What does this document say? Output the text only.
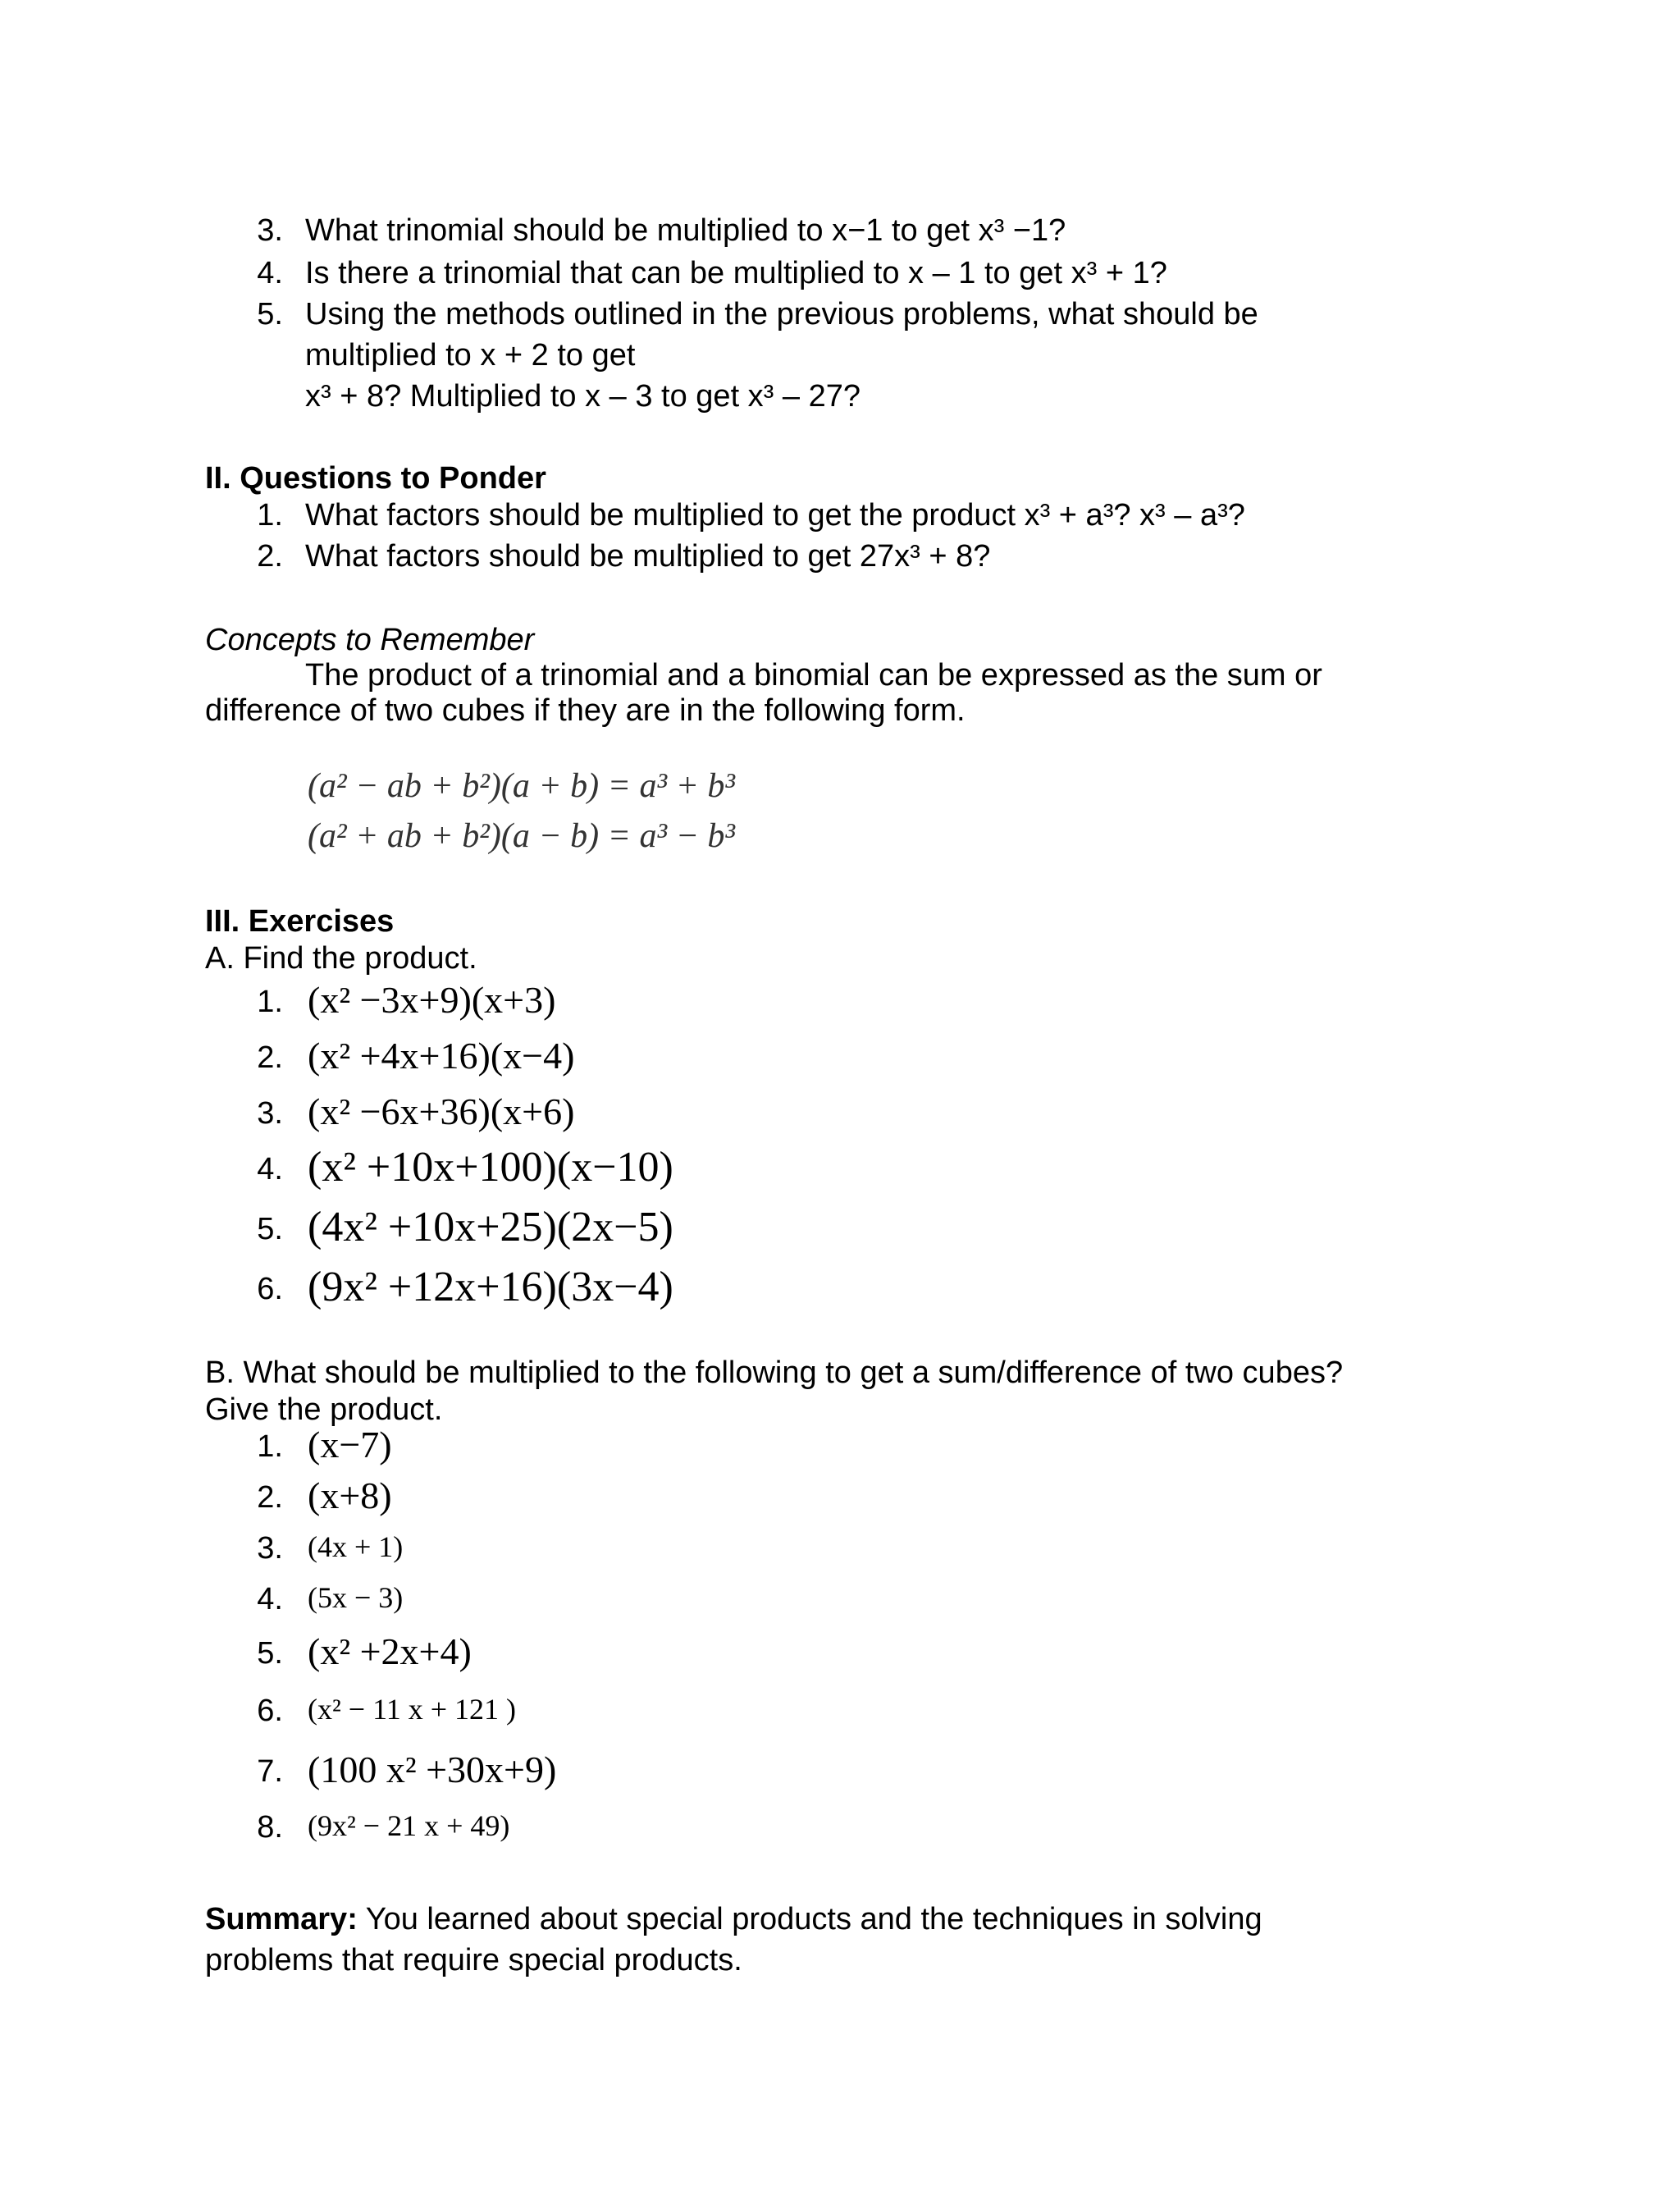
3. What trinomial should be multiplied to x−1 to get x³ −1?
4. Is there a trinomial that can be multiplied to x – 1 to get x³ + 1?
5. Using the methods outlined in the previous problems, what should be
multiplied to x + 2 to get
x³ + 8? Multiplied to x – 3 to get x³ – 27?
II. Questions to Ponder
1. What factors should be multiplied to get the product x³ + a³? x³ – a³?
2. What factors should be multiplied to get 27x³ + 8?
Concepts to Remember
The product of a trinomial and a binomial can be expressed as the sum or
difference of two cubes if they are in the following form.
(a² − ab + b²)(a + b) = a³ + b³
(a² + ab + b²)(a − b) = a³ − b³
III. Exercises
A. Find the product.
1. (x² −3x+9)(x+3)
2. (x² +4x+16)(x−4)
3. (x² −6x+36)(x+6)
4. (x² +10x+100)(x−10)
5. (4x² +10x+25)(2x−5)
6. (9x² +12x+16)(3x−4)
B. What should be multiplied to the following to get a sum/difference of two cubes?
Give the product.
1. (x−7)
2. (x+8)
3. (4x + 1)
4. (5x − 3)
5. (x² +2x+4)
6. (x² − 11 x + 121 )
7. (100 x² +30x+9)
8. (9x² − 21 x + 49)
Summary: You learned about special products and the techniques in solving
problems that require special products.
